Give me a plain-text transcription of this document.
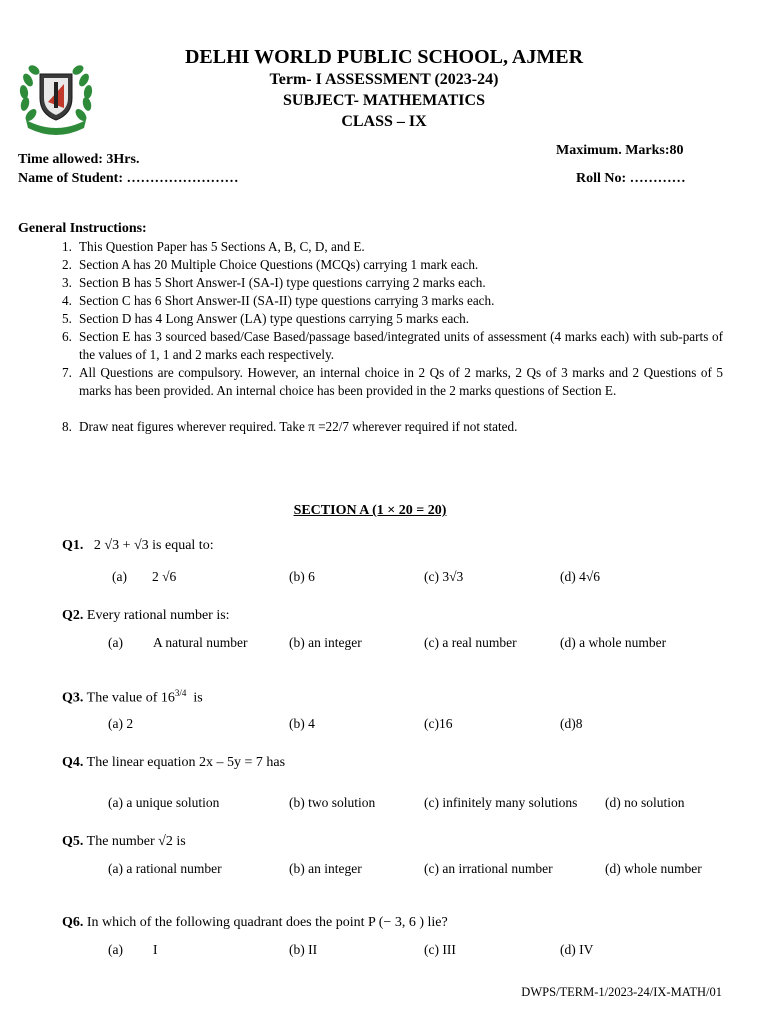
DELHI WORLD PUBLIC SCHOOL, AJMER
Term- I ASSESSMENT (2023-24)
SUBJECT- MATHEMATICS
CLASS – IX
Maximum. Marks:80
Time allowed: 3Hrs.
Name of Student: ……………………	Roll No: …………
General Instructions:
1. This Question Paper has 5 Sections A, B, C, D, and E.
2. Section A has 20 Multiple Choice Questions (MCQs) carrying 1 mark each.
3. Section B has 5 Short Answer-I (SA-I) type questions carrying 2 marks each.
4. Section C has 6 Short Answer-II (SA-II) type questions carrying 3 marks each.
5. Section D has 4 Long Answer (LA) type questions carrying 5 marks each.
6. Section E has 3 sourced based/Case Based/passage based/integrated units of assessment (4 marks each) with sub-parts of the values of 1, 1 and 2 marks each respectively.
7. All Questions are compulsory. However, an internal choice in 2 Qs of 2 marks, 2 Qs of 3 marks and 2 Questions of 5 marks has been provided. An internal choice has been provided in the 2 marks questions of Section E.
8. Draw neat figures wherever required. Take π =22/7 wherever required if not stated.
SECTION A (1 × 20 = 20)
Q1. 2 √3 + √3 is equal to:
(a) 2 √6	(b) 6	(c) 3√3	(d) 4√6
Q2. Every rational number is:
(a) A natural number	(b) an integer	(c) a real number	(d) a whole number
Q3. The value of $16^{3/4}$ is
(a) 2	(b) 4	(c)16	(d)8
Q4. The linear equation 2x – 5y = 7 has
(a) a unique solution	(b) two solution	(c) infinitely many solutions (d) no solution
Q5. The number √2 is
(a) a rational number	(b) an integer	(c) an irrational number	(d) whole number
Q6. In which of the following quadrant does the point P (− 3, 6 ) lie?
(a) I	(b) II	(c) III	(d) IV
DWPS/TERM-1/2023-24/IX-MATH/01
